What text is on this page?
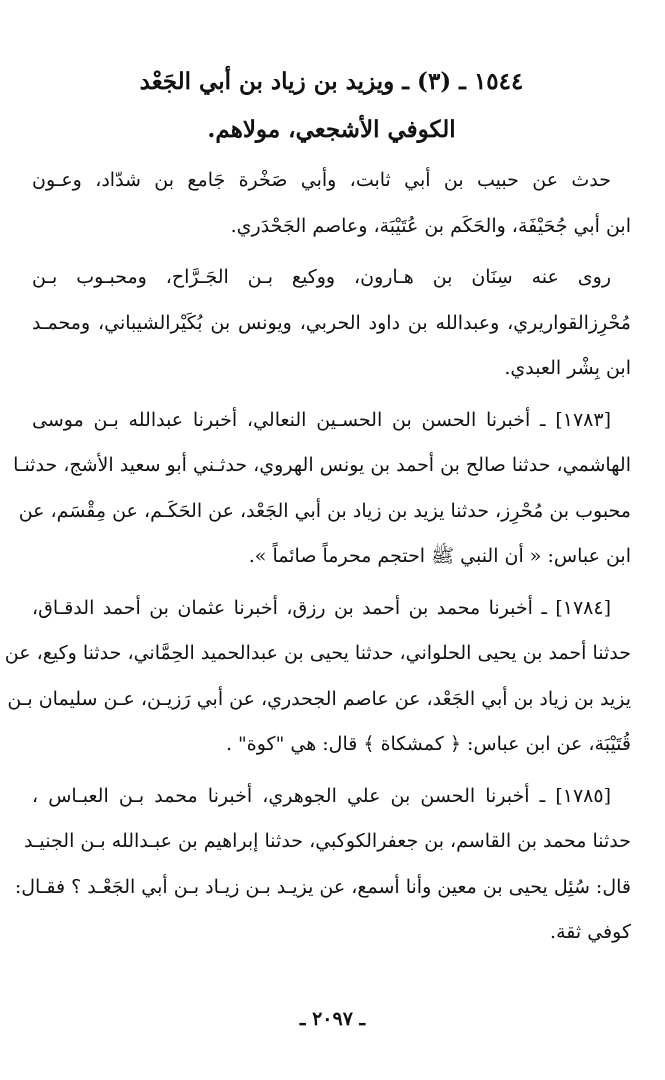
١٥٤٤ ـ (٣) ـ ويزيد بن زياد بن أبي الجَعْد
الكوفي الأشجعي، مولاهم.

حدث عن حبيب بن أبي ثابت، وأبي صَخْرة جَامع بن شدّاد، وعـون
ابن أبي جُحَيْفَة، والحَكَم بن عُتَيْبَة، وعاصم الجَحْدَري.

روى عنه سِنَان بن هـارون، ووكيع بـن الجَـرَّاح، ومحبـوب بـن
مُحْرِزالقواريري، وعبدالله بن داود الحربي، ويونس بن بُكَيْرالشيباني، ومحمـد
ابن بِشْر العبدي.

[١٧٨٣] ـ أخبرنا الحسن بن الحسـين النعالي، أخبرنا عبدالله بـن موسى
الهاشمي، حدثنا صالح بن أحمد بن يونس الهروي، حدثـني أبو سعيد الأشج، حدثنـا
محبوب بن مُحْرِز، حدثنا يزيد بن زياد بن أبي الجَعْد، عن الحَكَـم، عن مِقْسَم، عن
ابن عباس: « أن النبي ﷺ احتجم محرماً صائماً ».

[١٧٨٤] ـ أخبرنا محمد بن أحمد بن رزق، أخبرنا عثمان بن أحمد الدقـاق،
حدثنا أحمد بن يحيى الحلواني، حدثنا يحيى بن عبدالحميد الحِمَّاني، حدثنا وكيع، عن
يزيد بن زياد بن أبي الجَعْد، عن عاصم الجحدري، عن أبي رَزيـن، عـن سليمان بـن
قُتَيْبَة، عن ابن عباس: ﴿ كمشكاة ﴾ قال: هي "كوة" .

[١٧٨٥] ـ أخبرنا الحسن بن علي الجوهري، أخبرنا محمد بـن العبـاس ،
حدثنا محمد بن القاسم، بن جعفرالكوكبي، حدثنا إبراهيم بن عبـدالله بـن الجنيـد
قال: سُئِل يحيى بن معين وأنا أسمع، عن يزيـد بـن زيـاد بـن أبي الجَعْـد ؟ فقـال:
كوفي ثقة.

ـ ٢٠٩٧ ـ
